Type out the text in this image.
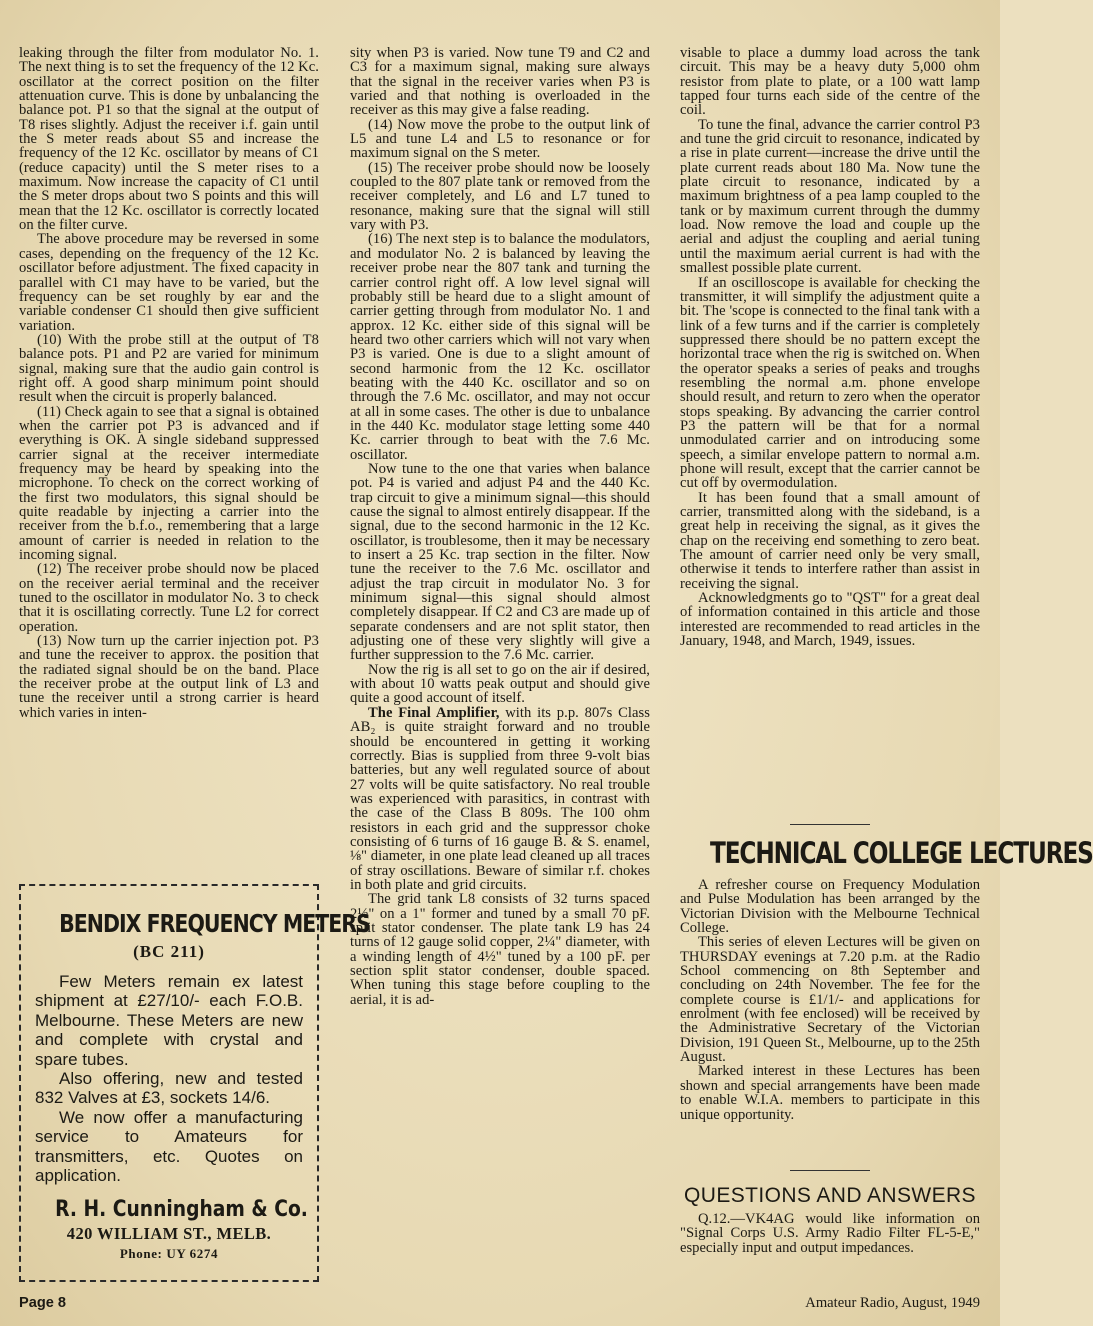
leaking through the filter from modulator No. 1. The next thing is to set the frequency of the 12 Kc. oscillator at the correct position on the filter attenuation curve. This is done by unbalancing the balance pot. P1 so that the signal at the output of T8 rises slightly. Adjust the receiver i.f. gain until the S meter reads about S5 and increase the frequency of the 12 Kc. oscillator by means of C1 (reduce capacity) until the S meter rises to a maximum. Now increase the capacity of C1 until the S meter drops about two S points and this will mean that the 12 Kc. oscillator is correctly located on the filter curve.

The above procedure may be reversed in some cases, depending on the frequency of the 12 Kc. oscillator before adjustment. The fixed capacity in parallel with C1 may have to be varied, but the frequency can be set roughly by ear and the variable condenser C1 should then give sufficient variation.

(10) With the probe still at the output of T8 balance pots. P1 and P2 are varied for minimum signal, making sure that the audio gain control is right off. A good sharp minimum point should result when the circuit is properly balanced.

(11) Check again to see that a signal is obtained when the carrier pot P3 is advanced and if everything is OK. A single sideband suppressed carrier signal at the receiver intermediate frequency may be heard by speaking into the microphone. To check on the correct working of the first two modulators, this signal should be quite readable by injecting a carrier into the receiver from the b.f.o., remembering that a large amount of carrier is needed in relation to the incoming signal.

(12) The receiver probe should now be placed on the receiver aerial terminal and the receiver tuned to the oscillator in modulator No. 3 to check that it is oscillating correctly. Tune L2 for correct operation.

(13) Now turn up the carrier injection pot. P3 and tune the receiver to approx. the position that the radiated signal should be on the band. Place the receiver probe at the output link of L3 and tune the receiver until a strong carrier is heard which varies in inten-

BENDIX FREQUENCY METERS
(BC 211)

Few Meters remain ex latest shipment at £27/10/- each F.O.B. Melbourne. These Meters are new and complete with crystal and spare tubes.

Also offering, new and tested 832 Valves at £3, sockets 14/6.

We now offer a manufacturing service to Amateurs for transmitters, etc. Quotes on application.

R. H. Cunningham & Co.
420 WILLIAM ST., MELB.
Phone: UY 6274

sity when P3 is varied. Now tune T9 and C2 and C3 for a maximum signal, making sure always that the signal in the receiver varies when P3 is varied and that nothing is overloaded in the receiver as this may give a false reading.

(14) Now move the probe to the output link of L5 and tune L4 and L5 to resonance or for maximum signal on the S meter.

(15) The receiver probe should now be loosely coupled to the 807 plate tank or removed from the receiver completely, and L6 and L7 tuned to resonance, making sure that the signal will still vary with P3.

(16) The next step is to balance the modulators, and modulator No. 2 is balanced by leaving the receiver probe near the 807 tank and turning the carrier control right off. A low level signal will probably still be heard due to a slight amount of carrier getting through from modulator No. 1 and approx. 12 Kc. either side of this signal will be heard two other carriers which will not vary when P3 is varied. One is due to a slight amount of second harmonic from the 12 Kc. oscillator beating with the 440 Kc. oscillator and so on through the 7.6 Mc. oscillator, and may not occur at all in some cases. The other is due to unbalance in the 440 Kc. modulator stage letting some 440 Kc. carrier through to beat with the 7.6 Mc. oscillator.

Now tune to the one that varies when balance pot. P4 is varied and adjust P4 and the 440 Kc. trap circuit to give a minimum signal—this should cause the signal to almost entirely disappear. If the signal, due to the second harmonic in the 12 Kc. oscillator, is troublesome, then it may be necessary to insert a 25 Kc. trap section in the filter. Now tune the receiver to the 7.6 Mc. oscillator and adjust the trap circuit in modulator No. 3 for minimum signal—this signal should almost completely disappear. If C2 and C3 are made up of separate condensers and are not split stator, then adjusting one of these very slightly will give a further suppression to the 7.6 Mc. carrier.

Now the rig is all set to go on the air if desired, with about 10 watts peak output and should give quite a good account of itself.

The Final Amplifier, with its p.p. 807s Class AB₂ is quite straight forward and no trouble should be encountered in getting it working correctly. Bias is supplied from three 9-volt bias batteries, but any well regulated source of about 27 volts will be quite satisfactory. No real trouble was experienced with parasitics, in contrast with the case of the Class B 809s. The 100 ohm resistors in each grid and the suppressor choke consisting of 6 turns of 16 gauge B. & S. enamel, ⅛" diameter, in one plate lead cleaned up all traces of stray oscillations. Beware of similar r.f. chokes in both plate and grid circuits.

The grid tank L8 consists of 32 turns spaced 2½" on a 1" former and tuned by a small 70 pF. split stator condenser. The plate tank L9 has 24 turns of 12 gauge solid copper, 2¼" diameter, with a winding length of 4½" tuned by a 100 pF. per section split stator condenser, double spaced. When tuning this stage before coupling to the aerial, it is ad-

visable to place a dummy load across the tank circuit. This may be a heavy duty 5,000 ohm resistor from plate to plate, or a 100 watt lamp tapped four turns each side of the centre of the coil.

To tune the final, advance the carrier control P3 and tune the grid circuit to resonance, indicated by a rise in plate current—increase the drive until the plate current reads about 180 Ma. Now tune the plate circuit to resonance, indicated by a maximum brightness of a pea lamp coupled to the tank or by maximum current through the dummy load. Now remove the load and couple up the aerial and adjust the coupling and aerial tuning until the maximum aerial current is had with the smallest possible plate current.

If an oscilloscope is available for checking the transmitter, it will simplify the adjustment quite a bit. The 'scope is connected to the final tank with a link of a few turns and if the carrier is completely suppressed there should be no pattern except the horizontal trace when the rig is switched on. When the operator speaks a series of peaks and troughs resembling the normal a.m. phone envelope should result, and return to zero when the operator stops speaking. By advancing the carrier control P3 the pattern will be that for a normal unmodulated carrier and on introducing some speech, a similar envelope pattern to normal a.m. phone will result, except that the carrier cannot be cut off by overmodulation.

It has been found that a small amount of carrier, transmitted along with the sideband, is a great help in receiving the signal, as it gives the chap on the receiving end something to zero beat. The amount of carrier need only be very small, otherwise it tends to interfere rather than assist in receiving the signal.

Acknowledgments go to "QST" for a great deal of information contained in this article and those interested are recommended to read articles in the January, 1948, and March, 1949, issues.

TECHNICAL COLLEGE LECTURES

A refresher course on Frequency Modulation and Pulse Modulation has been arranged by the Victorian Division with the Melbourne Technical College.

This series of eleven Lectures will be given on THURSDAY evenings at 7.20 p.m. at the Radio School commencing on 8th September and concluding on 24th November. The fee for the complete course is £1/1/- and applications for enrolment (with fee enclosed) will be received by the Administrative Secretary of the Victorian Division, 191 Queen St., Melbourne, up to the 25th August.

Marked interest in these Lectures has been shown and special arrangements have been made to enable W.I.A. members to participate in this unique opportunity.

QUESTIONS AND ANSWERS

Q.12.—VK4AG would like information on "Signal Corps U.S. Army Radio Filter FL-5-E," especially input and output impedances.

Page 8	Amateur Radio, August, 1949
